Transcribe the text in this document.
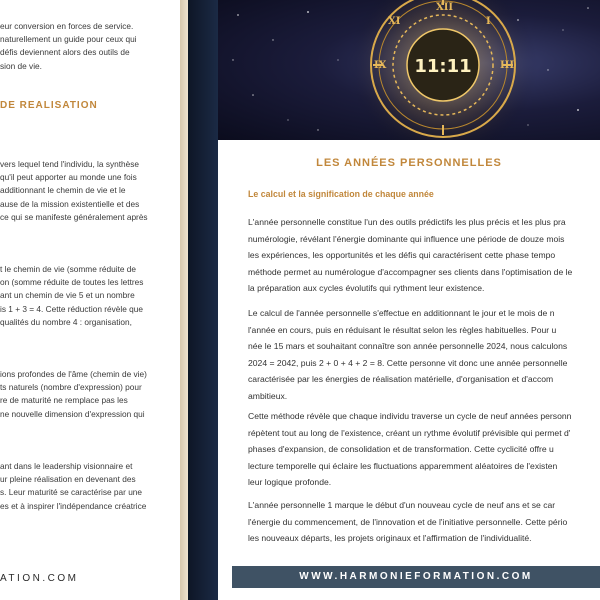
eur conversion en forces de service.

naturellement un guide pour ceux qui

défis deviennent alors des outils de

sion de vie.

DE REALISATION

vers lequel tend l'individu, la synthèse

qu'il peut apporter au monde une fois

additionnant le chemin de vie et le

ause de la mission existentielle et des

ce qui se manifeste généralement après

t le chemin de vie (somme réduite de

on (somme réduite de toutes les lettres

ant un chemin de vie 5 et un nombre

is 1 + 3 = 4. Cette réduction révèle que

qualités du nombre 4 : organisation,

ions profondes de l'âme (chemin de vie)

ts naturels (nombre d'expression) pour

re de maturité ne remplace pas les

ne nouvelle dimension d'expression qui

ant dans le leadership visionnaire et

ur pleine réalisation en devenant des

s. Leur maturité se caractérise par une

es et à inspirer l'indépendance créatrice

ATION.COM
XII
I
XI
III
IX 11:11
LES ANNÉES PERSONNELLES
Le calcul et la signification de chaque année

L'année personnelle constitue l'un des outils prédictifs les plus précis et les plus pra

numérologie, révélant l'énergie dominante qui influence une période de douze mois

les expériences, les opportunités et les défis qui caractérisent cette phase tempo

méthode permet au numérologue d'accompagner ses clients dans l'optimisation de le

la préparation aux cycles évolutifs qui rythment leur existence.

Le calcul de l'année personnelle s'effectue en additionnant le jour et le mois de n

l'année en cours, puis en réduisant le résultat selon les règles habituelles. Pour u

née le 15 mars et souhaitant connaître son année personnelle 2024, nous calculons

2024 = 2042, puis 2 + 0 + 4 + 2 = 8. Cette personne vit donc une année personnelle

caractérisée par les énergies de réalisation matérielle, d'organisation et d'accom

ambitieux.

Cette méthode révèle que chaque individu traverse un cycle de neuf années personn

répètent tout au long de l'existence, créant un rythme évolutif prévisible qui permet d'

phases d'expansion, de consolidation et de transformation. Cette cyclicité offre u

lecture temporelle qui éclaire les fluctuations apparemment aléatoires de l'existen

leur logique profonde.

L'année personnelle 1 marque le début d'un nouveau cycle de neuf ans et se car

l'énergie du commencement, de l'innovation et de l'initiative personnelle. Cette pério

les nouveaux départs, les projets originaux et l'affirmation de l'individualité.

WWW.HARMONIEFORMATION.COM
